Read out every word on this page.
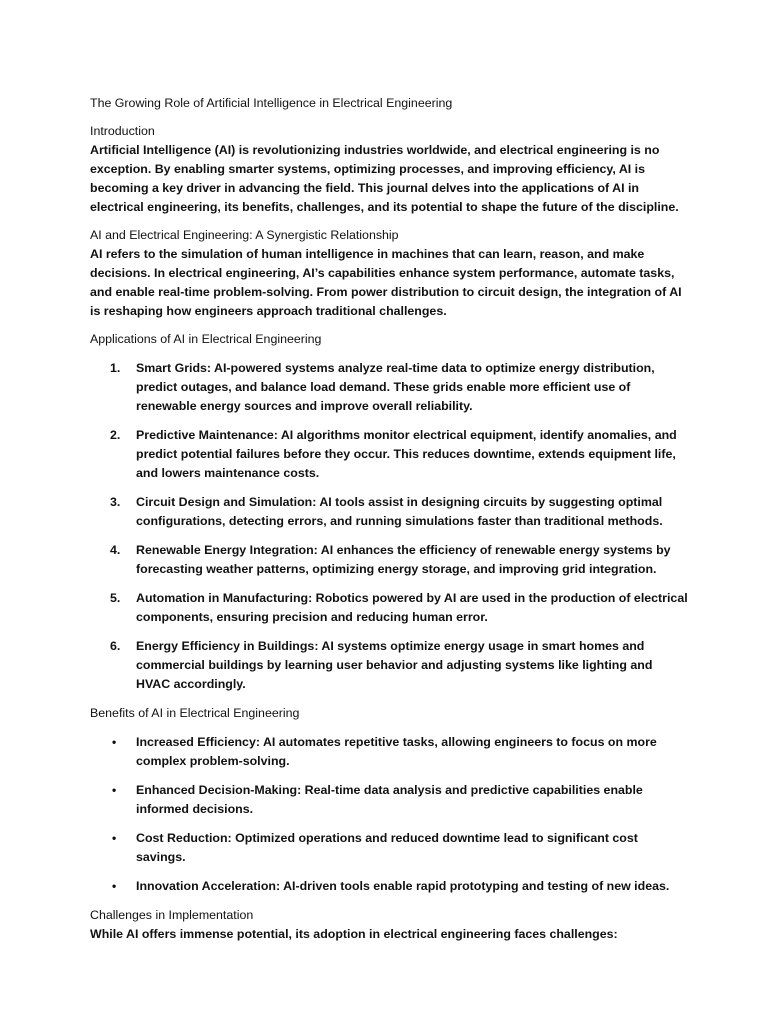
The Growing Role of Artificial Intelligence in Electrical Engineering

Introduction

Artificial Intelligence (AI) is revolutionizing industries worldwide, and electrical engineering is no exception. By enabling smarter systems, optimizing processes, and improving efficiency, AI is becoming a key driver in advancing the field. This journal delves into the applications of AI in electrical engineering, its benefits, challenges, and its potential to shape the future of the discipline.

AI and Electrical Engineering: A Synergistic Relationship

AI refers to the simulation of human intelligence in machines that can learn, reason, and make decisions. In electrical engineering, AI’s capabilities enhance system performance, automate tasks, and enable real-time problem-solving. From power distribution to circuit design, the integration of AI is reshaping how engineers approach traditional challenges.

Applications of AI in Electrical Engineering

1. Smart Grids: AI-powered systems analyze real-time data to optimize energy distribution, predict outages, and balance load demand. These grids enable more efficient use of renewable energy sources and improve overall reliability.
2. Predictive Maintenance: AI algorithms monitor electrical equipment, identify anomalies, and predict potential failures before they occur. This reduces downtime, extends equipment life, and lowers maintenance costs.
3. Circuit Design and Simulation: AI tools assist in designing circuits by suggesting optimal configurations, detecting errors, and running simulations faster than traditional methods.
4. Renewable Energy Integration: AI enhances the efficiency of renewable energy systems by forecasting weather patterns, optimizing energy storage, and improving grid integration.
5. Automation in Manufacturing: Robotics powered by AI are used in the production of electrical components, ensuring precision and reducing human error.
6. Energy Efficiency in Buildings: AI systems optimize energy usage in smart homes and commercial buildings by learning user behavior and adjusting systems like lighting and HVAC accordingly.

Benefits of AI in Electrical Engineering

• Increased Efficiency: AI automates repetitive tasks, allowing engineers to focus on more complex problem-solving.
• Enhanced Decision-Making: Real-time data analysis and predictive capabilities enable informed decisions.
• Cost Reduction: Optimized operations and reduced downtime lead to significant cost savings.
• Innovation Acceleration: AI-driven tools enable rapid prototyping and testing of new ideas.

Challenges in Implementation

While AI offers immense potential, its adoption in electrical engineering faces challenges:
